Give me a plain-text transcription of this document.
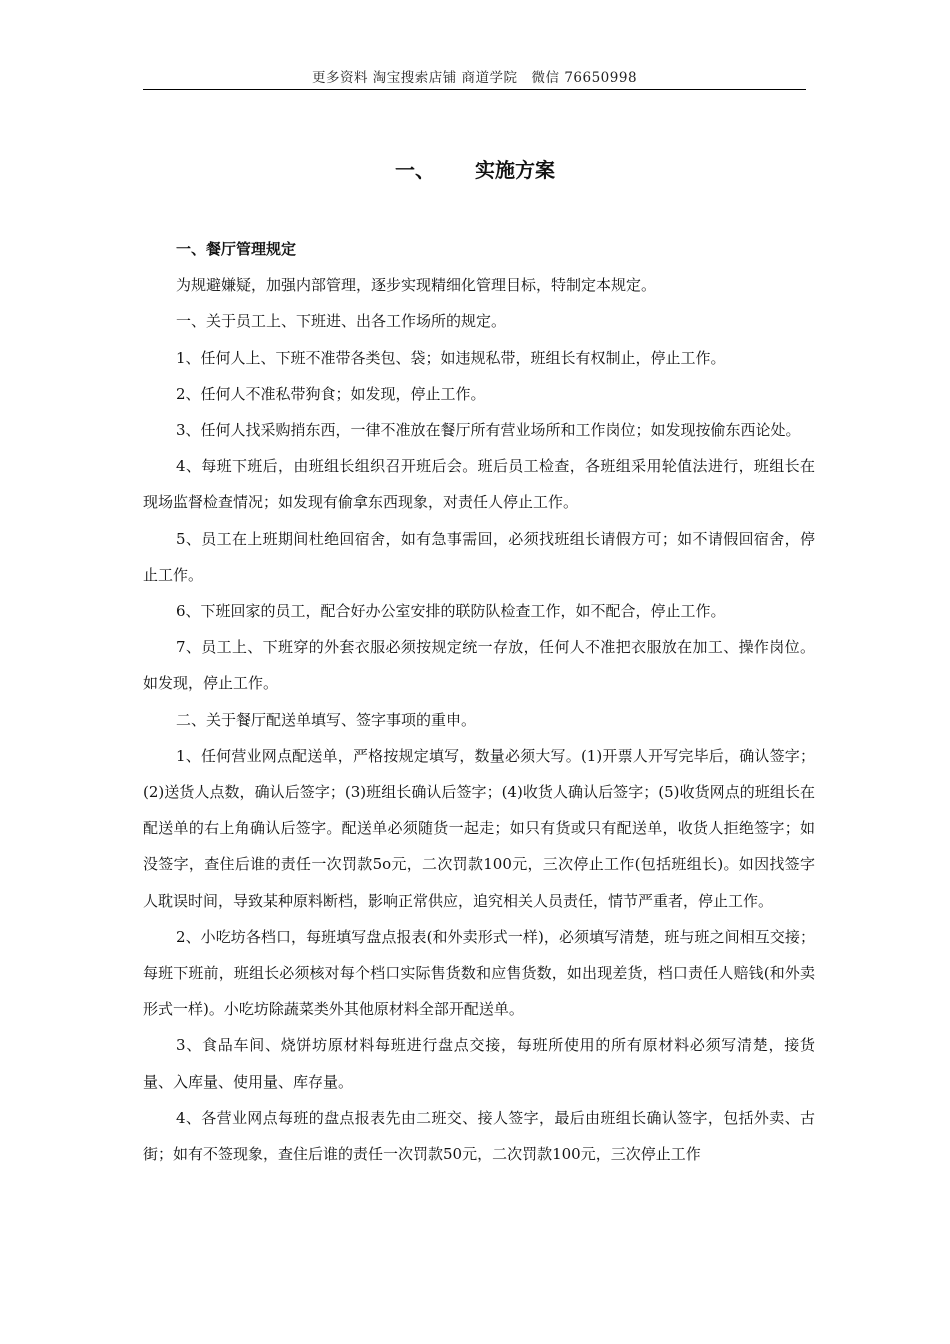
更多资料 淘宝搜索店铺 商道学院　微信 76650998
一、 实施方案

一、餐厅管理规定

为规避嫌疑，加强内部管理，逐步实现精细化管理目标，特制定本规定。

一、关于员工上、下班进、出各工作场所的规定。

1、任何人上、下班不准带各类包、袋；如违规私带，班组长有权制止，停止工作。

2、任何人不准私带狗食；如发现，停止工作。

3、任何人找采购捎东西，一律不准放在餐厅所有营业场所和工作岗位；如发现按偷东西论处。

4、每班下班后，由班组长组织召开班后会。班后员工检查，各班组采用轮值法进行，班组长在现场监督检查情况；如发现有偷拿东西现象，对责任人停止工作。

5、员工在上班期间杜绝回宿舍，如有急事需回，必须找班组长请假方可；如不请假回宿舍，停止工作。

6、下班回家的员工，配合好办公室安排的联防队检查工作，如不配合，停止工作。

7、员工上、下班穿的外套衣服必须按规定统一存放，任何人不准把衣服放在加工、操作岗位。如发现，停止工作。

二、关于餐厅配送单填写、签字事项的重申。

1、任何营业网点配送单，严格按规定填写，数量必须大写。(1)开票人开写完毕后，确认签字；(2)送货人点数，确认后签字；(3)班组长确认后签字；(4)收货人确认后签字；(5)收货网点的班组长在配送单的右上角确认后签字。配送单必须随货一起走；如只有货或只有配送单，收货人拒绝签字；如没签字，查住后谁的责任一次罚款5o元，二次罚款100元，三次停止工作(包括班组长)。如因找签字人耽误时间，导致某种原料断档，影响正常供应，追究相关人员责任，情节严重者，停止工作。

2、小吃坊各档口，每班填写盘点报表(和外卖形式一样)，必须填写清楚，班与班之间相互交接；每班下班前，班组长必须核对每个档口实际售货数和应售货数，如出现差货，档口责任人赔钱(和外卖形式一样)。小吃坊除蔬菜类外其他原材料全部开配送单。

3、食品车间、烧饼坊原材料每班进行盘点交接，每班所使用的所有原材料必须写清楚，接货量、入库量、使用量、库存量。

4、各营业网点每班的盘点报表先由二班交、接人签字，最后由班组长确认签字，包括外卖、古街；如有不签现象，查住后谁的责任一次罚款50元，二次罚款100元，三次停止工作
